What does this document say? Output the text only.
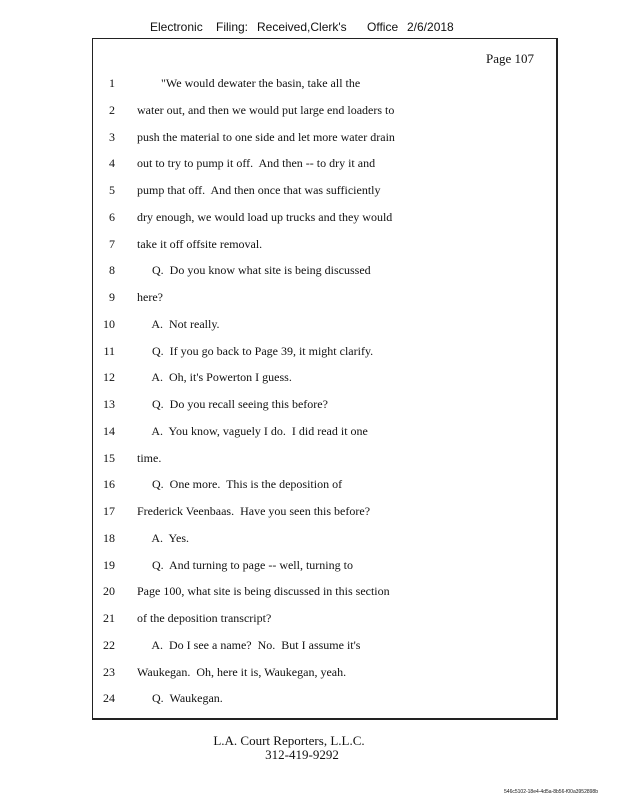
Electronic Filing: Received,Clerk's Office 2/6/2018
Page 107
1 "We would dewater the basin, take all the
2 water out, and then we would put large end loaders to
3 push the material to one side and let more water drain
4 out to try to pump it off.  And then -- to dry it and
5 pump that off.  And then once that was sufficiently
6 dry enough, we would load up trucks and they would
7 take it off offsite removal.
8 Q.  Do you know what site is being discussed
9 here?
10 A.  Not really.
11 Q.  If you go back to Page 39, it might clarify.
12 A.  Oh, it's Powerton I guess.
13 Q.  Do you recall seeing this before?
14 A.  You know, vaguely I do.  I did read it one
15 time.
16 Q.  One more.  This is the deposition of
17 Frederick Veenbaas.  Have you seen this before?
18 A.  Yes.
19 Q.  And turning to page -- well, turning to
20 Page 100, what site is being discussed in this section
21 of the deposition transcript?
22 A.  Do I see a name?  No.  But I assume it's
23 Waukegan.  Oh, here it is, Waukegan, yeah.
24 Q.  Waukegan.
L.A. Court Reporters, L.L.C.
312-419-9292
546c5102-18e4-4d5a-8b56-f00a3952898b
